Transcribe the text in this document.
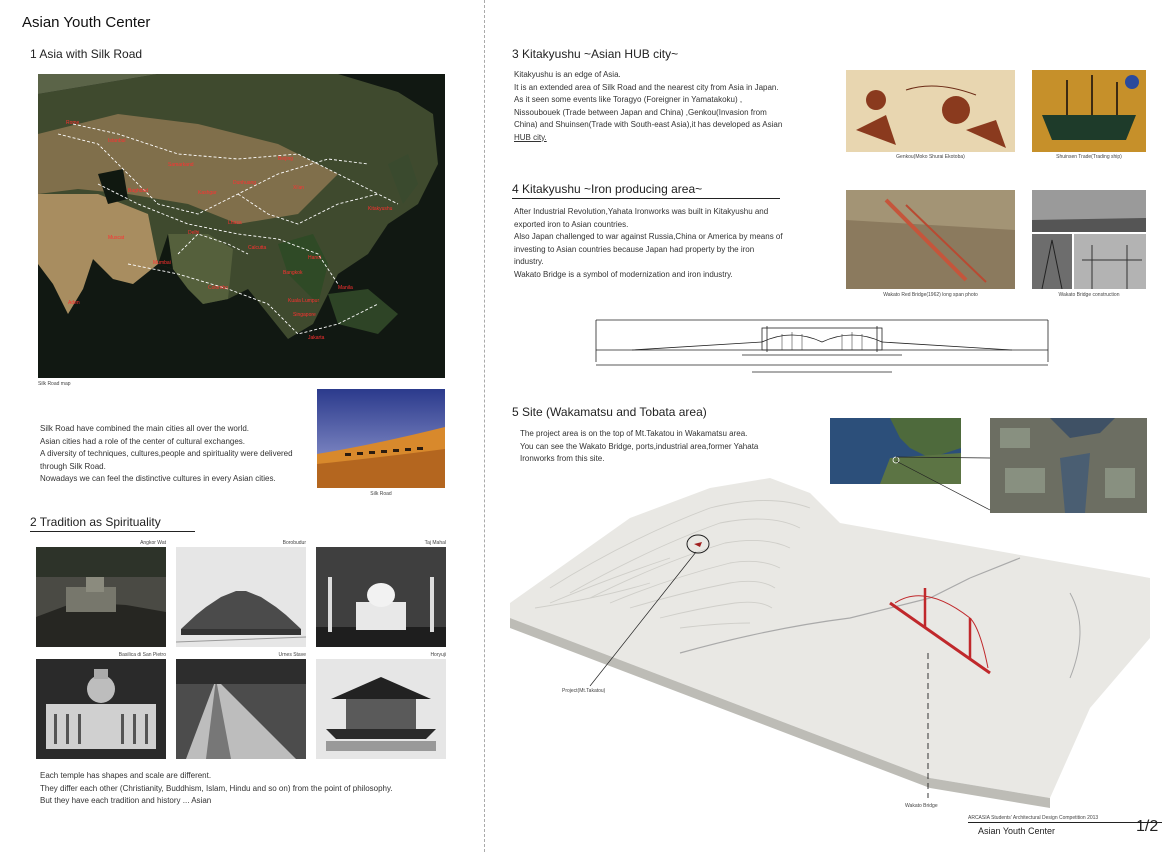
Asian Youth Center
1 Asia with Silk Road
Rome
Istanbul
Baghdad
Samarkand
Kashgar
Dunhuang
Xi'an
Beijing
Kitakyushu
Lhasa
Delhi
Mumbai
Calcutta
Bangkok
Hanoi
Manila
Kuala Lumpur
Singapore
Jakarta
Aden
Muscat
Colombo
Silk Road map
Silk Road have combined the main cities all over the world.
Asian cities had a role of the center of cultural exchanges.
A diversity of techniques, cultures,people and spirituality were delivered through Silk Road.
Nowadays we can feel the distinctive cultures in every Asian cities.
Silk Road
2 Tradition as Spirituality
Angkor Wat	Borobudur	Taj Mahal
Basilica di San Pietro	Urnes Stave	Horyuji
Each temple has shapes and scale are different.
They differ each other (Christianity, Buddhism, Islam, Hindu and so on) from the point of philosophy.
But they have each tradition and history ... Asian
3 Kitakyushu ~Asian HUB city~
Kitakyushu is an edge of Asia.
It is an extended area of Silk Road and the nearest city from Asia in Japan.
As it seen some events like Toragyo (Foreigner in Yamatakoku) ,
Nissoubouek (Trade between Japan and China) ,Genkou(Invasion from
China) and Shuinsen(Trade with South-east Asia),it has developed as Asian
HUB city.
Genkou(Moko Shurai Ekotoba)	Shuinsen Trade(Trading ship)
4 Kitakyushu ~Iron producing area~
After Industrial Revolution,Yahata Ironworks was built in Kitakyushu and
exported iron to Asian countries.
Also Japan challenged to war against Russia,China or America by means of
investing to Asian countries because Japan had property by the iron
industry.
Wakato Bridge is a symbol of modernization and iron industry.
Wakato Red Bridge(1962) long span photo	Wakato Bridge construction
5 Site (Wakamatsu and Tobata area)
The project area is on the top of Mt.Takatou in Wakamatsu area.
You can see the Wakato Bridge, ports,industrial area,former Yahata
Ironworks from this site.
Project(Mt.Takatou)
Wakato Bridge
ARCASIA Students' Architectural Design Competition 2013
Asian Youth Center	1/2
